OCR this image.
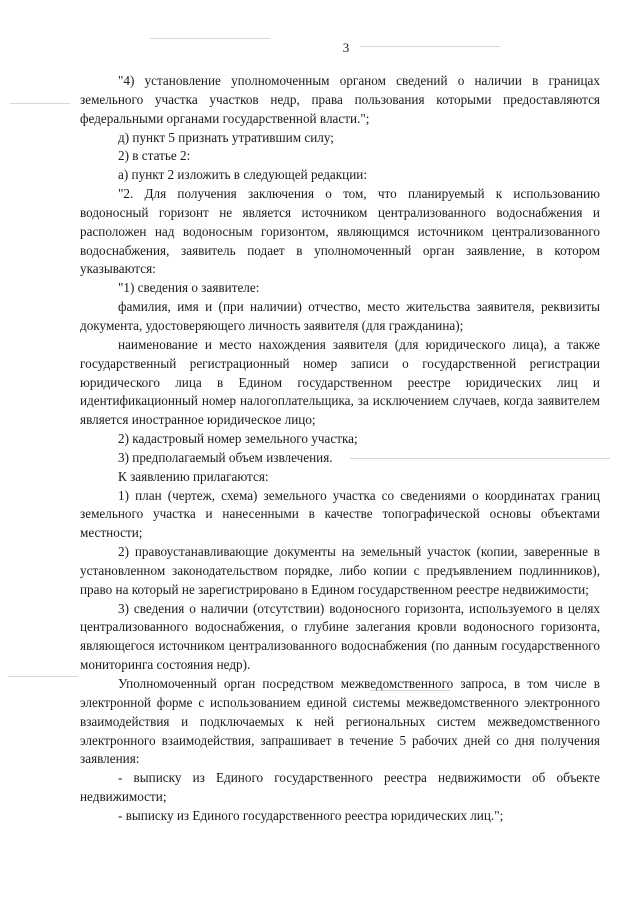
3

"4) установление уполномоченным органом сведений о наличии в границах земельного участка участков недр, права пользования которыми предоставляются федеральными органами государственной власти.";

д) пункт 5 признать утратившим силу;

2) в статье 2:

а) пункт 2 изложить в следующей редакции:

"2. Для получения заключения о том, что планируемый к использованию водоносный горизонт не является источником централизованного водоснабжения и расположен над водоносным горизонтом, являющимся источником централизованного водоснабжения, заявитель подает в уполномоченный орган заявление, в котором указываются:

"1) сведения о заявителе:

фамилия, имя и (при наличии) отчество, место жительства заявителя, реквизиты документа, удостоверяющего личность заявителя (для гражданина);

наименование и место нахождения заявителя (для юридического лица), а также государственный регистрационный номер записи о государственной регистрации юридического лица в Едином государственном реестре юридических лиц и идентификационный номер налогоплательщика, за исключением случаев, когда заявителем является иностранное юридическое лицо;

2) кадастровый номер земельного участка;

3) предполагаемый объем извлечения.

К заявлению прилагаются:

1) план (чертеж, схема) земельного участка со сведениями о координатах границ земельного участка и нанесенными в качестве топографической основы объектами местности;

2) правоустанавливающие документы на земельный участок (копии, заверенные в установленном законодательством порядке, либо копии с предъявлением подлинников), право на который не зарегистрировано в Едином государственном реестре недвижимости;

3) сведения о наличии (отсутствии) водоносного горизонта, используемого в целях централизованного водоснабжения, о глубине залегания кровли водоносного горизонта, являющегося источником централизованного водоснабжения (по данным государственного мониторинга состояния недр).

Уполномоченный орган посредством межведомственного запроса, в том числе в электронной форме с использованием единой системы межведомственного электронного взаимодействия и подключаемых к ней региональных систем межведомственного электронного взаимодействия, запрашивает в течение 5 рабочих дней со дня получения заявления:

- выписку из Единого государственного реестра недвижимости об объекте недвижимости;

- выписку из Единого государственного реестра юридических лиц.";
